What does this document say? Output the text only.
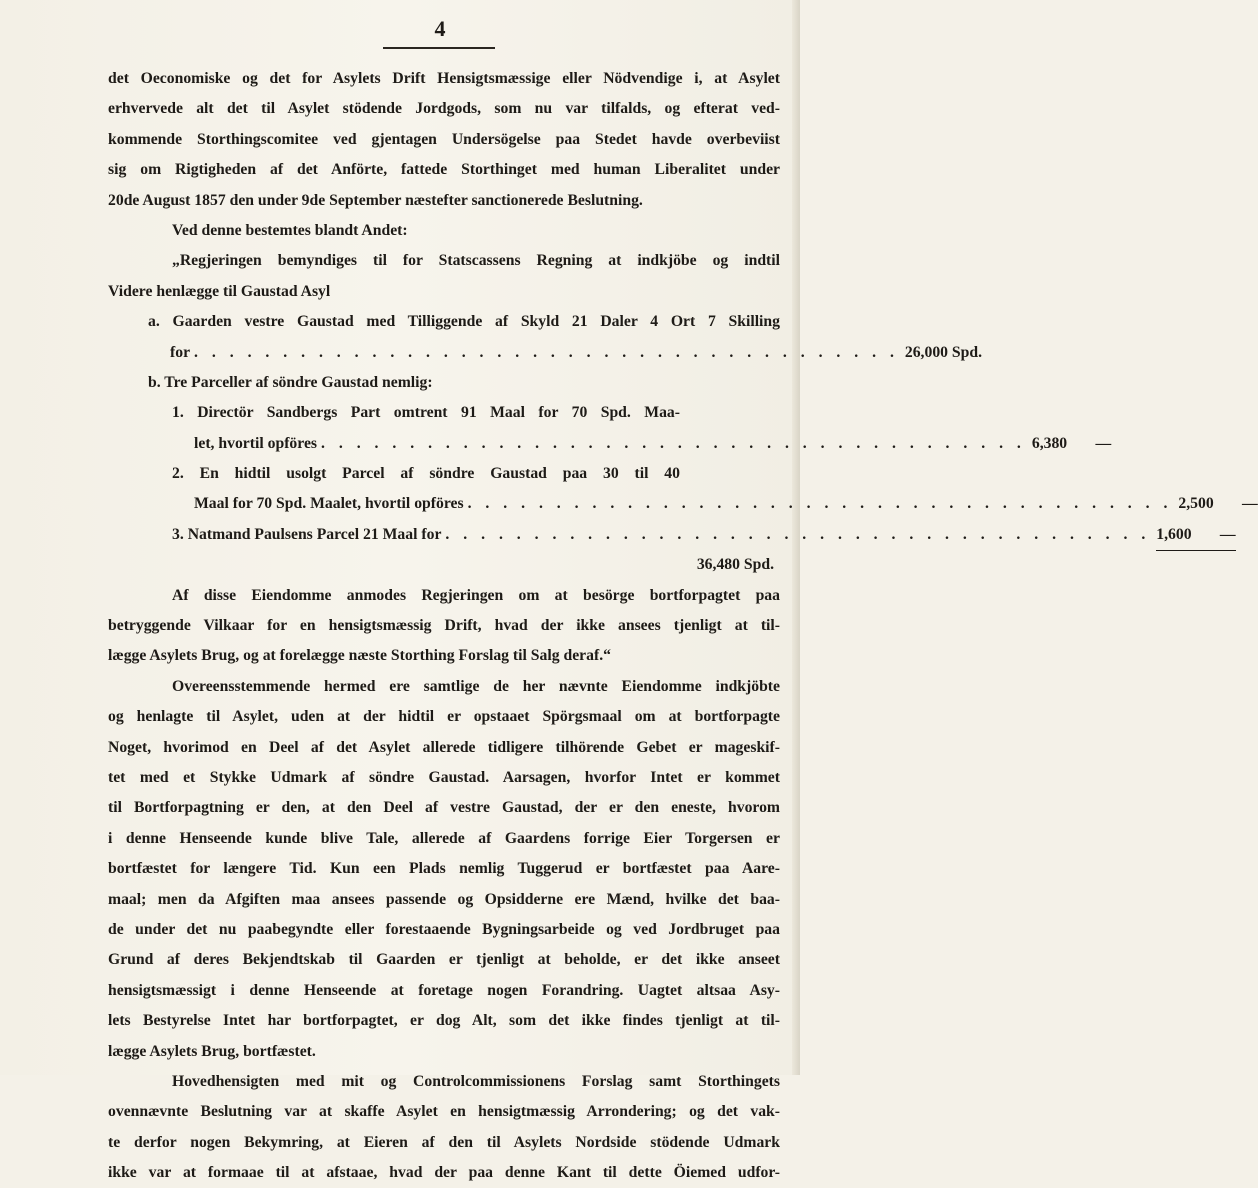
4
det Oeconomiske og det for Asylets Drift Hensigtsmæssige eller Nödvendige i, at Asylet
erhvervede alt det til Asylet stödende Jordgods, som nu var tilfalds, og efterat ved-
kommende Storthingscomitee ved gjentagen Undersögelse paa Stedet havde overbeviist
sig om Rigtigheden af det Anförte, fattede Storthinget med human Liberalitet under
20de August 1857 den under 9de September næstefter sanctionerede Beslutning.
Ved denne bestemtes blandt Andet:
„Regjeringen bemyndiges til for Statscassens Regning at indkjöbe og indtil
Videre henlægge til Gaustad Asyl
a. Gaarden vestre Gaustad med Tilliggende af Skyld 21 Daler 4 Ort 7 Skilling
for . . . . . . . . . . . . . . . . . . . . . . . . . . . . . . . . . . . . . . . . 26,000 Spd.
b. Tre Parceller af söndre Gaustad nemlig:
1. Directör Sandbergs Part omtrent 91 Maal for 70 Spd. Maa-
let, hvortil opföres . . . . . . . . . . . . . . . . . . . . . . . . . . . . . . . . . . . . . . . . 6,380 —
2. En hidtil usolgt Parcel af söndre Gaustad paa 30 til 40
Maal for 70 Spd. Maalet, hvortil opföres . . . . . . . . . . . . . . . . . . . . . . . . . . . . . . . . . . . . . . . . 2,500 —
3. Natmand Paulsens Parcel 21 Maal for . . . . . . . . . . . . . . . . . . . . . . . . . . . . . . . . . . . . . . . . 1,600 —
36,480 Spd.
Af disse Eiendomme anmodes Regjeringen om at besörge bortforpagtet paa
betryggende Vilkaar for en hensigtsmæssig Drift, hvad der ikke ansees tjenligt at til-
lægge Asylets Brug, og at forelægge næste Storthing Forslag til Salg deraf.“
Overeensstemmende hermed ere samtlige de her nævnte Eiendomme indkjöbte
og henlagte til Asylet, uden at der hidtil er opstaaet Spörgsmaal om at bortforpagte
Noget, hvorimod en Deel af det Asylet allerede tidligere tilhörende Gebet er mageskif-
tet med et Stykke Udmark af söndre Gaustad. Aarsagen, hvorfor Intet er kommet
til Bortforpagtning er den, at den Deel af vestre Gaustad, der er den eneste, hvorom
i denne Henseende kunde blive Tale, allerede af Gaardens forrige Eier Torgersen er
bortfæstet for længere Tid. Kun een Plads nemlig Tuggerud er bortfæstet paa Aare-
maal; men da Afgiften maa ansees passende og Opsidderne ere Mænd, hvilke det baa-
de under det nu paabegyndte eller forestaaende Bygningsarbeide og ved Jordbruget paa
Grund af deres Bekjendtskab til Gaarden er tjenligt at beholde, er det ikke anseet
hensigtsmæssigt i denne Henseende at foretage nogen Forandring. Uagtet altsaa Asy-
lets Bestyrelse Intet har bortforpagtet, er dog Alt, som det ikke findes tjenligt at til-
lægge Asylets Brug, bortfæstet.
Hovedhensigten med mit og Controlcommissionens Forslag samt Storthingets
ovennævnte Beslutning var at skaffe Asylet en hensigtmæssig Arrondering; og det vak-
te derfor nogen Bekymring, at Eieren af den til Asylets Nordside stödende Udmark
ikke var at formaae til at afstaae, hvad der paa denne Kant til dette Öiemed udfor-
